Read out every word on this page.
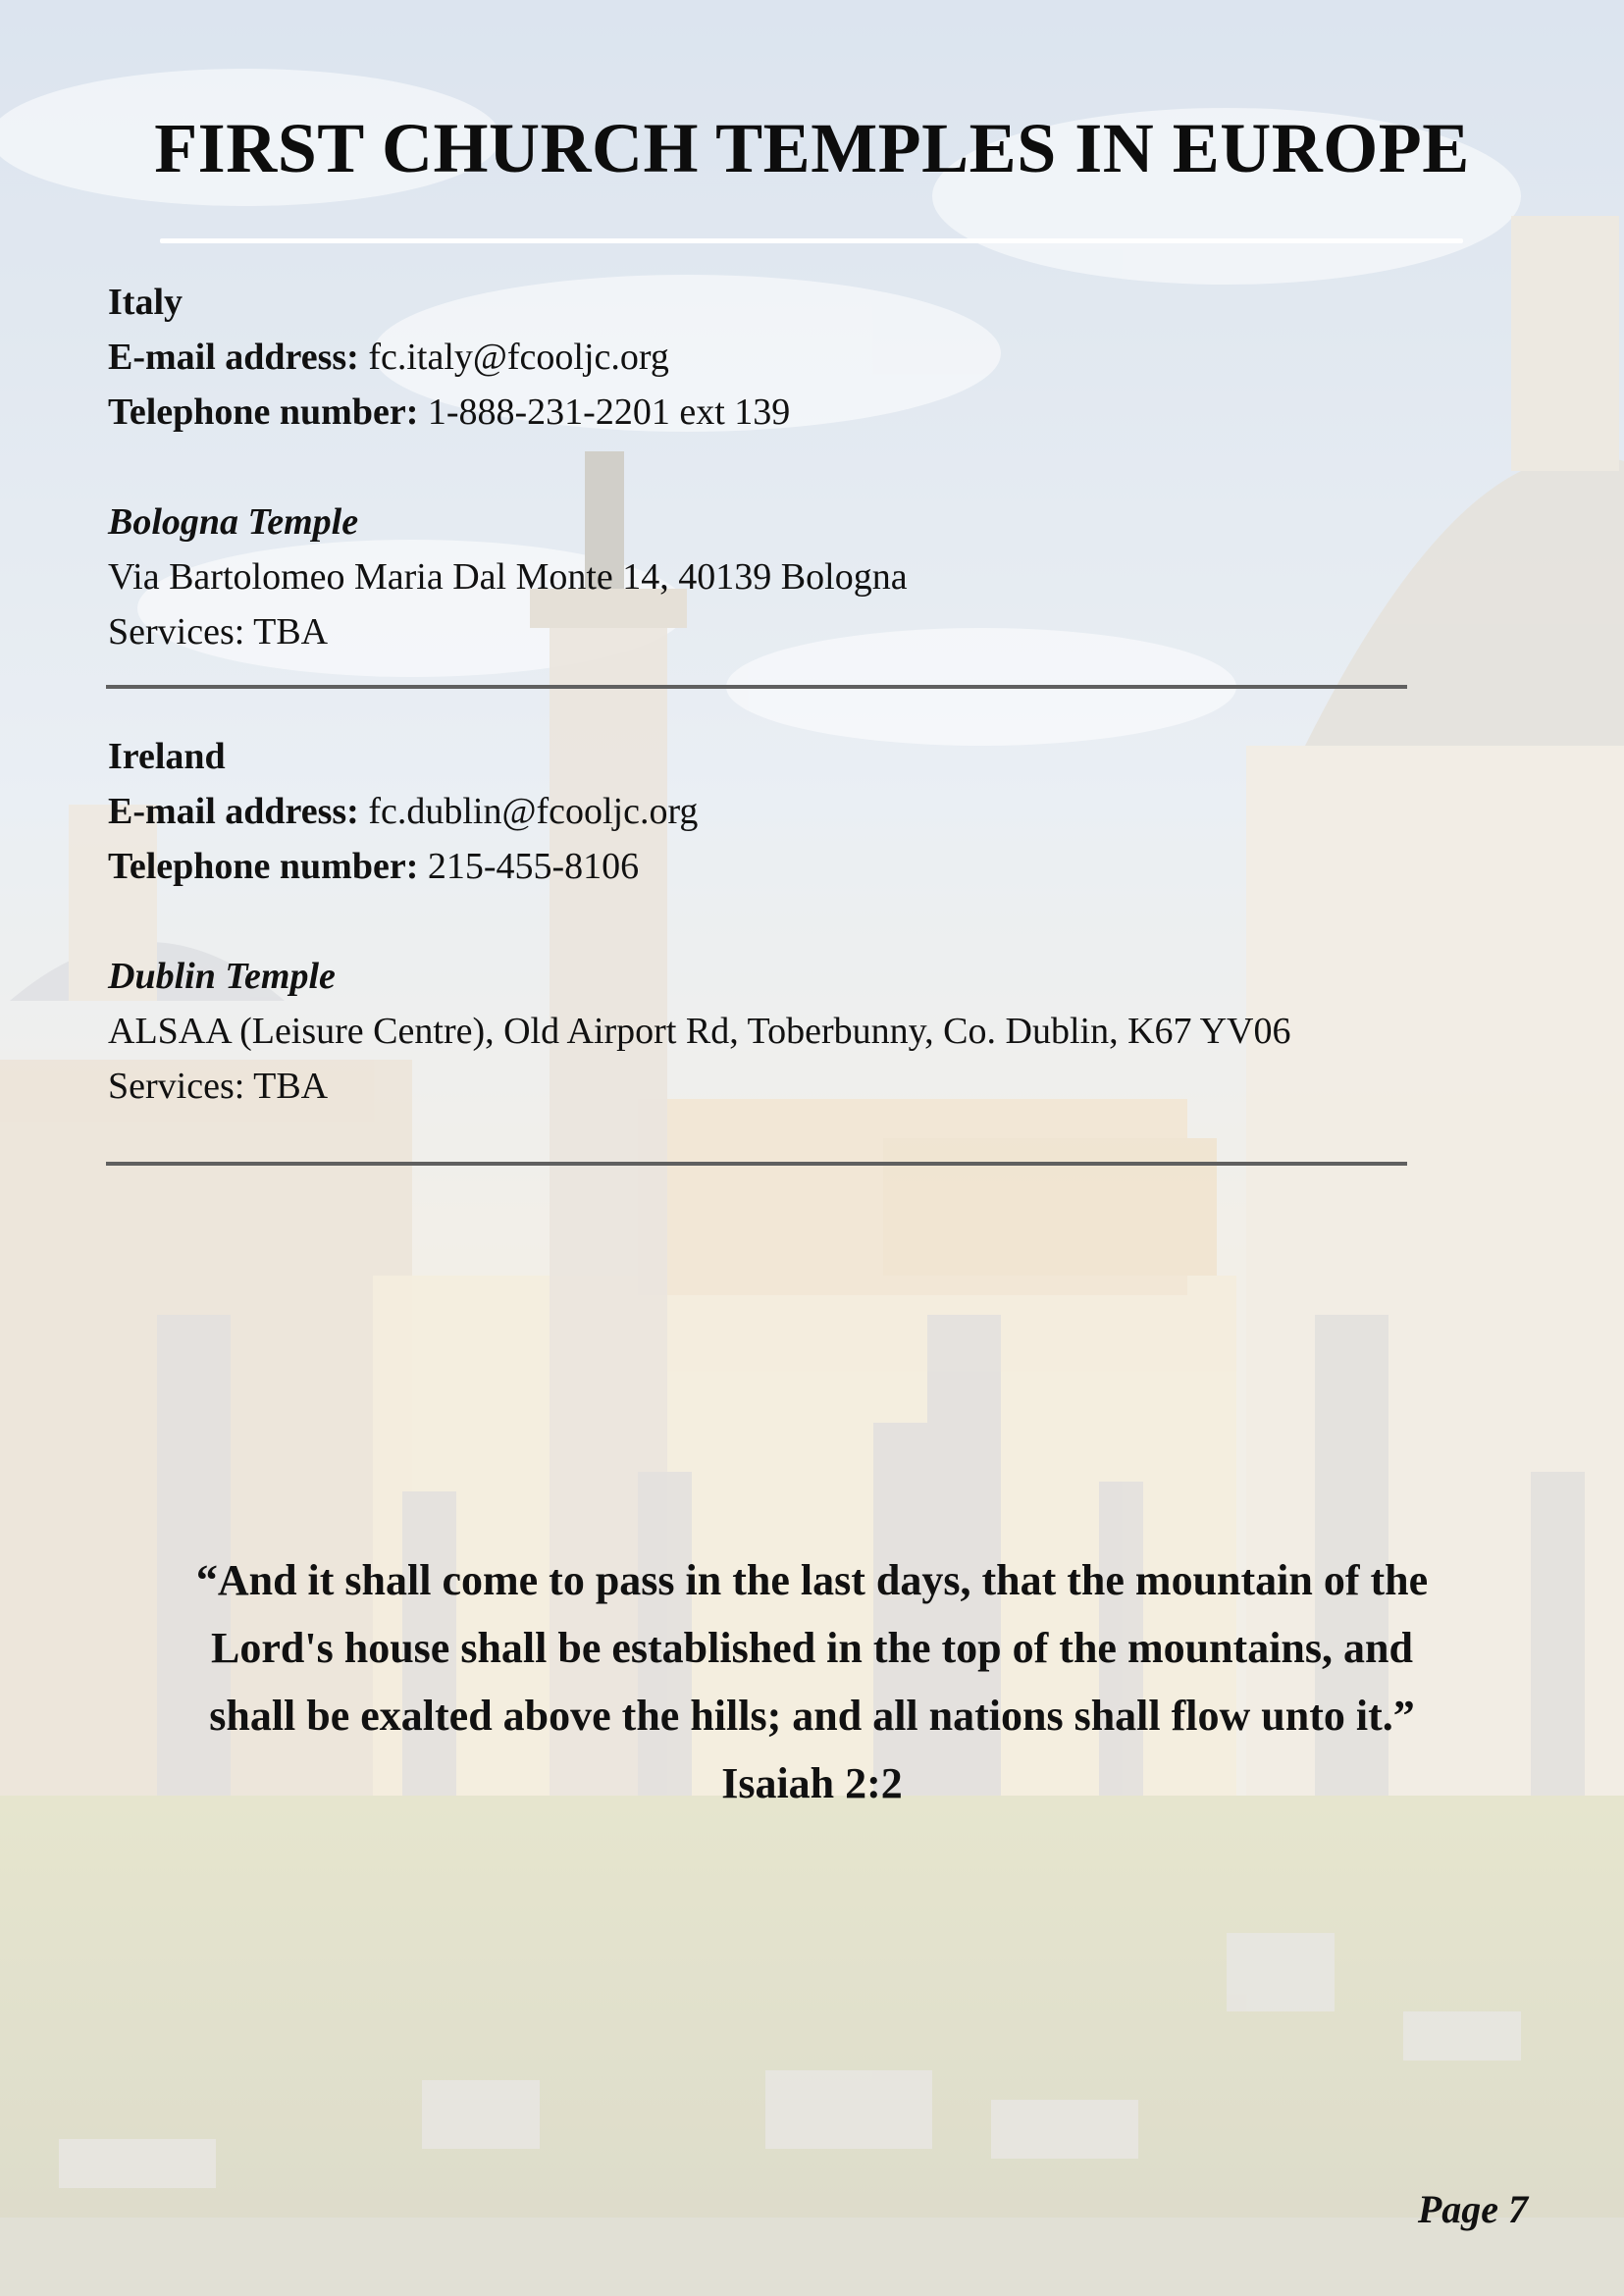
FIRST CHURCH TEMPLES IN EUROPE
Italy
E-mail address: fc.italy@fcooljc.org
Telephone number: 1-888-231-2201 ext 139
Bologna Temple
Via Bartolomeo Maria Dal Monte 14, 40139 Bologna
Services: TBA
Ireland
E-mail address: fc.dublin@fcooljc.org
Telephone number: 215-455-8106
Dublin Temple
ALSAA (Leisure Centre), Old Airport Rd, Toberbunny, Co. Dublin, K67 YV06
Services: TBA
“And it shall come to pass in the last days, that the mountain of the
Lord's house shall be established in the top of the mountains, and
shall be exalted above the hills; and all nations shall flow unto it.”
Isaiah 2:2
Page 7
